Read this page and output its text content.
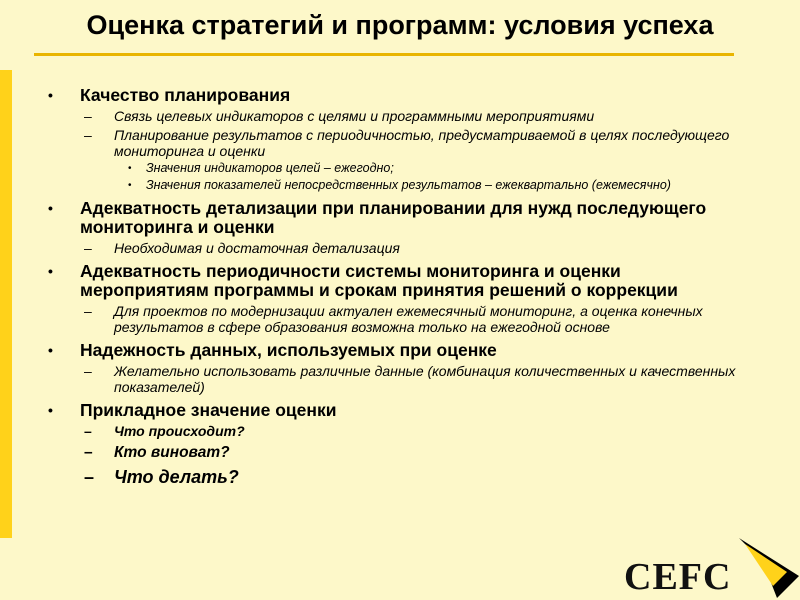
Оценка стратегий и программ: условия успеха
• Качество планирования
– Связь целевых индикаторов с целями и программными мероприятиями
– Планирование результатов с периодичностью, предусматриваемой в целях последующего мониторинга и оценки
• Значения индикаторов целей – ежегодно;
• Значения показателей непосредственных результатов – ежеквартально (ежемесячно)
• Адекватность детализации при планировании для нужд последующего мониторинга и оценки
– Необходимая и достаточная детализация
• Адекватность периодичности системы мониторинга и оценки мероприятиям программы и срокам принятия решений о коррекции
– Для проектов по модернизации актуален ежемесячный мониторинг, а оценка конечных результатов в сфере образования возможна только на ежегодной основе
• Надежность данных, используемых при оценке
– Желательно использовать различные данные (комбинация количественных и качественных показателей)
• Прикладное значение оценки
– Что происходит?
– Кто виноват?
– Что делать?
CEFC
